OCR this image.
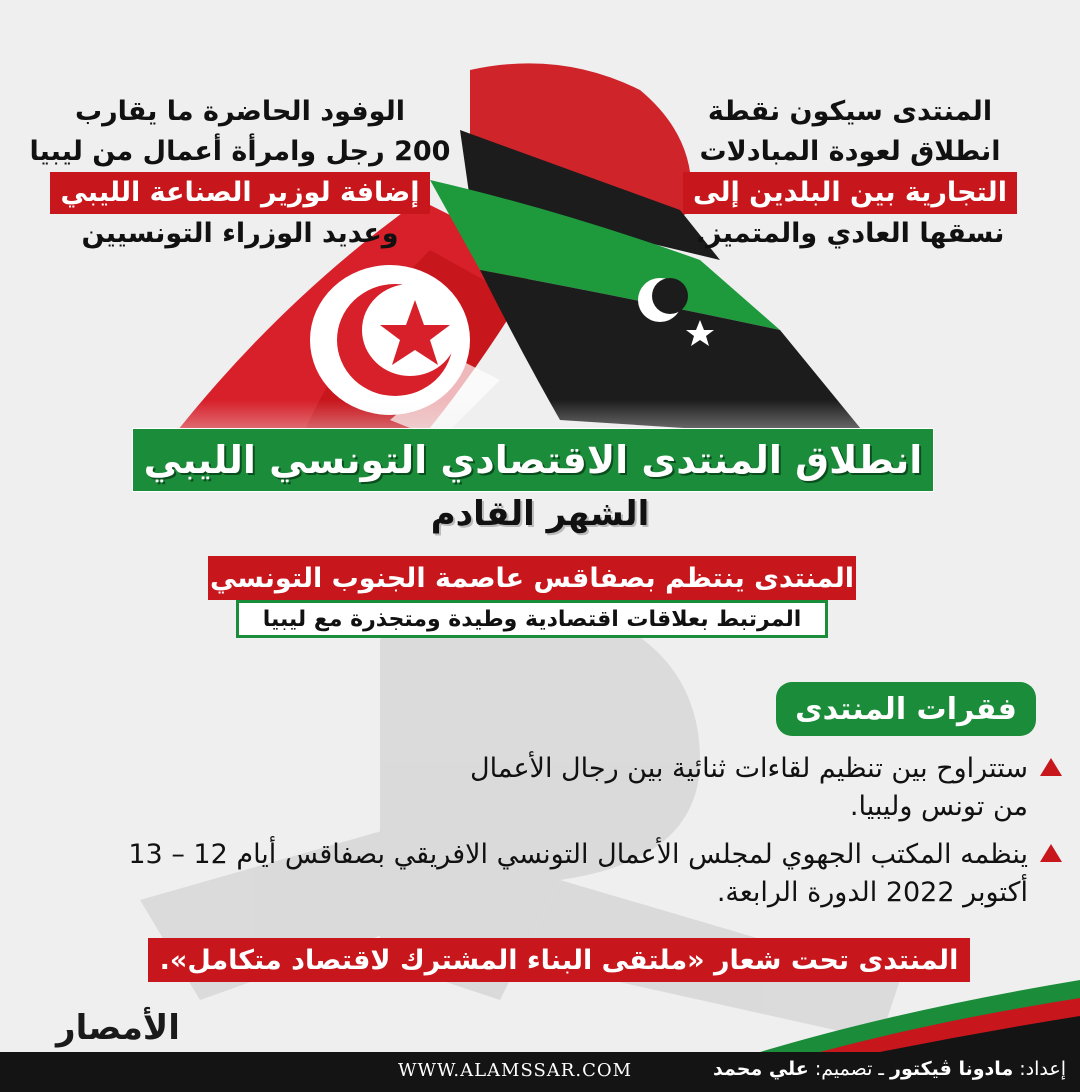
المنتدى سيكون نقطة
انطلاق لعودة المبادلات
التجارية بين البلدين إلى
نسقها العادي والمتميز.
الوفود الحاضرة ما يقارب
200 رجل وامرأة أعمال من ليبيا
إضافة لوزير الصناعة الليبي
وعديد الوزراء التونسيين
انطلاق المنتدى الاقتصادي التونسي الليبي
الشهر القادم
المنتدى ينتظم بصفاقس عاصمة الجنوب التونسي
المرتبط بعلاقات اقتصادية وطيدة ومتجذرة مع ليبيا
فقرات المنتدى
ستتراوح بين تنظيم لقاءات ثنائية بين رجال الأعمال من تونس وليبيا.
ينظمه المكتب الجهوي لمجلس الأعمال التونسي الافريقي بصفاقس أيام 12 – 13 أكتوبر 2022 الدورة الرابعة.
المنتدى تحت شعار «ملتقى البناء المشترك لاقتصاد متكامل».
الأمصار
WWW.ALAMSSAR.COM	إعداد: مادونا ڤيكتور ـ تصميم: علي محمد
